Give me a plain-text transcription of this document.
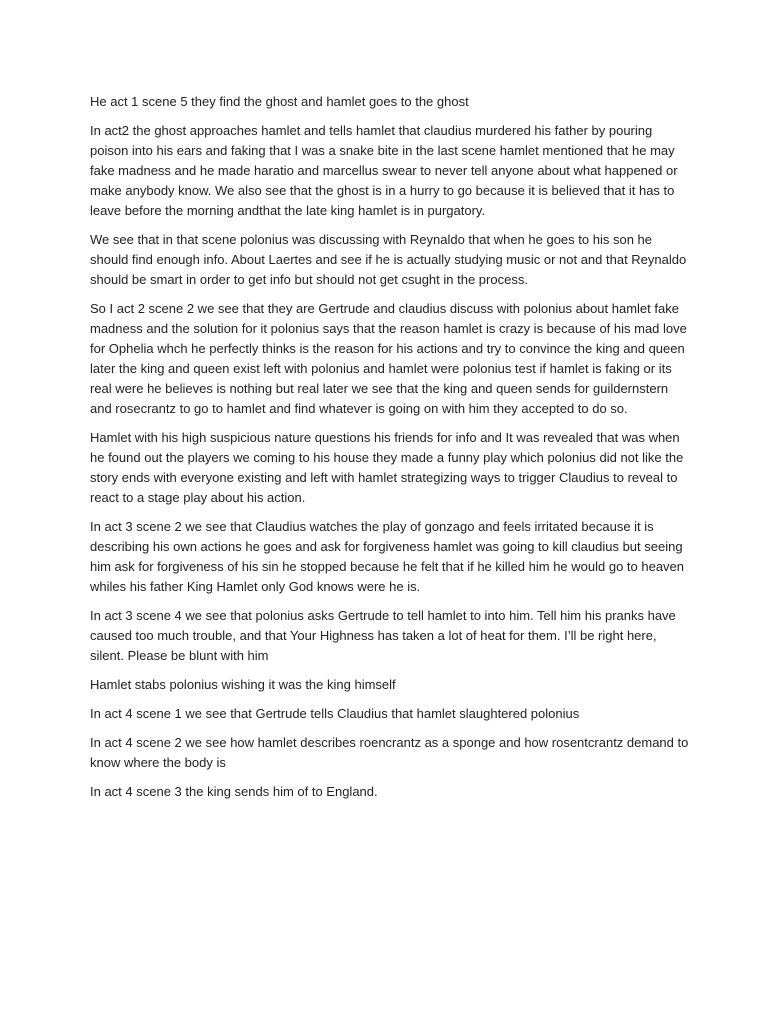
He act 1 scene 5 they find the ghost and hamlet goes to the ghost

In act2 the ghost approaches hamlet and tells hamlet that claudius murdered his father by pouring poison into his ears and faking that I was a snake bite in the last scene hamlet mentioned that he may fake madness and he made haratio and marcellus swear to never tell anyone about what happened or make anybody know. We also see that the ghost is in a hurry to go because it is believed that it has to leave before the morning andthat the late king hamlet is in purgatory.

We see that in that scene polonius was discussing with Reynaldo that when he goes to his son he should find enough info. About Laertes and see if he is actually studying music or not and that Reynaldo should be smart in order to get info but should not get csught in the process.

So I act 2 scene 2 we see that they are Gertrude and claudius discuss with polonius about hamlet fake madness and the solution for it polonius says that the reason hamlet is crazy is because of his mad love for Ophelia whch he perfectly thinks is the reason for his actions and try to convince the king and queen later the king and queen exist left with polonius and hamlet were polonius test if hamlet is faking or its real were he believes is nothing but real later we see that the king and queen sends for guildernstern and rosecrantz to go to hamlet and find whatever is going on with him they accepted to do so.

Hamlet with his high suspicious nature questions his friends for info and It was revealed that was when he found out the players we coming to his house they made a funny play which polonius did not like the story ends with everyone existing and left with hamlet strategizing ways to trigger Claudius to reveal to react to a stage play about his action.

In act 3 scene 2 we see that Claudius watches the play of gonzago and feels irritated because it is describing his own actions he goes and ask for forgiveness hamlet was going to kill claudius but seeing him ask for forgiveness of his sin he stopped because he felt that if he killed him he would go to heaven whiles his father King Hamlet only God knows were he is.

In act 3 scene 4 we see that polonius asks Gertrude to tell hamlet to into him. Tell him his pranks have caused too much trouble, and that Your Highness has taken a lot of heat for them. I’ll be right here, silent. Please be blunt with him

Hamlet stabs polonius wishing it was the king himself

In act 4 scene 1 we see that Gertrude tells Claudius that hamlet slaughtered polonius

In act 4 scene 2 we see how hamlet describes roencrantz as a sponge and how rosentcrantz demand to know where the body is

In act 4 scene 3 the king sends him of to England.
